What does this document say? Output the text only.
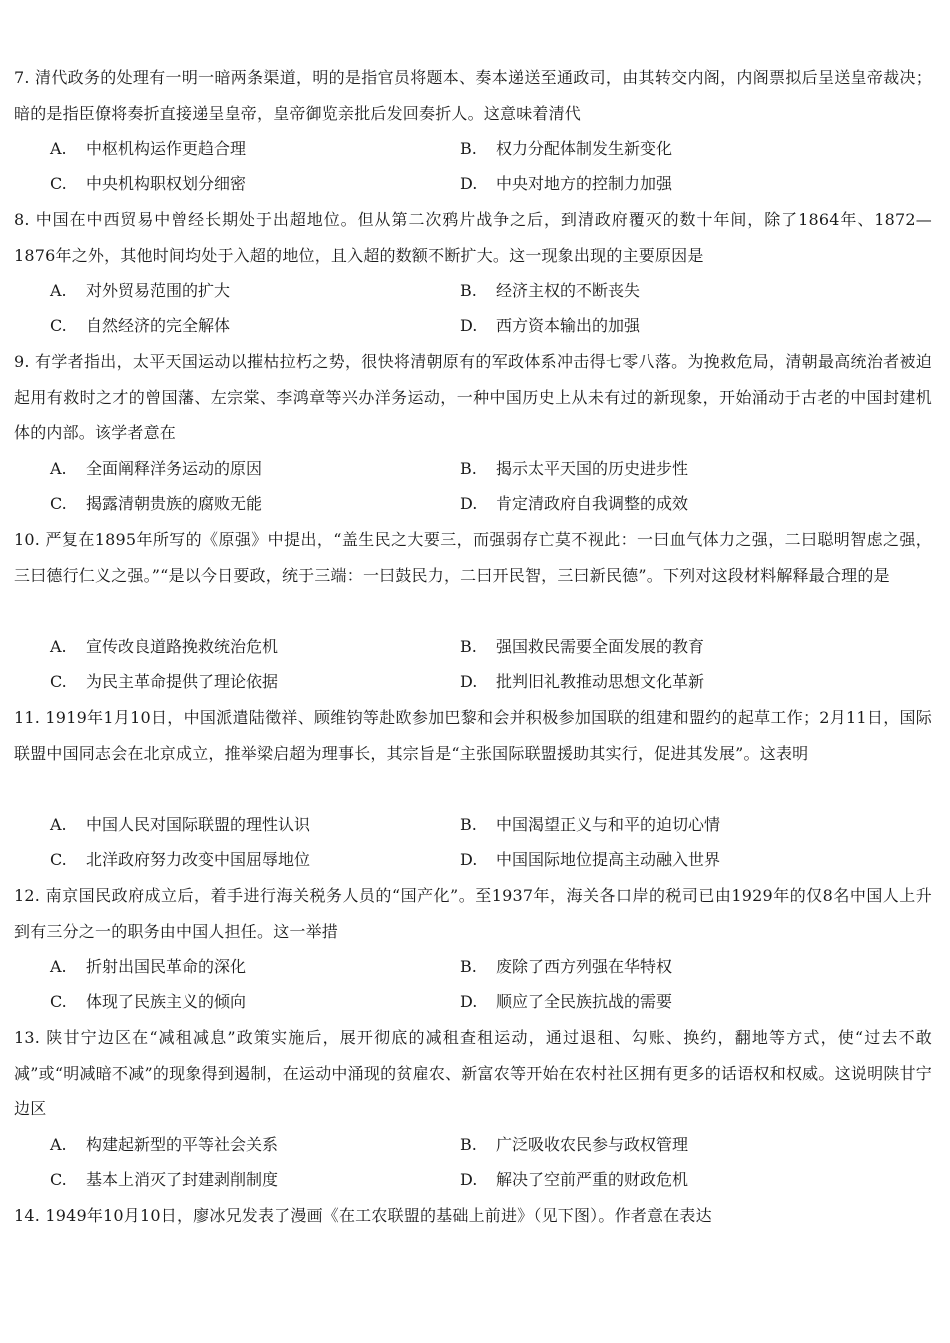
7. 清代政务的处理有一明一暗两条渠道，明的是指官员将题本、奏本递送至通政司，由其转交内阁，内阁票拟后呈送皇帝裁决；暗的是指臣僚将奏折直接递呈皇帝，皇帝御览亲批后发回奏折人。这意味着清代
A. 中枢机构运作更趋合理	B. 权力分配体制发生新变化
C. 中央机构职权划分细密	D. 中央对地方的控制力加强
8. 中国在中西贸易中曾经长期处于出超地位。但从第二次鸦片战争之后，到清政府覆灭的数十年间，除了1864年、1872—1876年之外，其他时间均处于入超的地位，且入超的数额不断扩大。这一现象出现的主要原因是
A. 对外贸易范围的扩大	B. 经济主权的不断丧失
C. 自然经济的完全解体	D. 西方资本输出的加强
9. 有学者指出，太平天国运动以摧枯拉朽之势，很快将清朝原有的军政体系冲击得七零八落。为挽救危局，清朝最高统治者被迫起用有救时之才的曾国藩、左宗棠、李鸿章等兴办洋务运动，一种中国历史上从未有过的新现象，开始涌动于古老的中国封建机体的内部。该学者意在
A. 全面阐释洋务运动的原因	B. 揭示太平天国的历史进步性
C. 揭露清朝贵族的腐败无能	D. 肯定清政府自我调整的成效
10. 严复在1895年所写的《原强》中提出，“盖生民之大要三，而强弱存亡莫不视此：一曰血气体力之强，二曰聪明智虑之强，三曰德行仁义之强。”“是以今日要政，统于三端：一曰鼓民力，二曰开民智，三曰新民德”。下列对这段材料解释最合理的是
A. 宣传改良道路挽救统治危机	B. 强国救民需要全面发展的教育
C. 为民主革命提供了理论依据	D. 批判旧礼教推动思想文化革新
11. 1919年1月10日，中国派遣陆徵祥、顾维钧等赴欧参加巴黎和会并积极参加国联的组建和盟约的起草工作；2月11日，国际联盟中国同志会在北京成立，推举梁启超为理事长，其宗旨是“主张国际联盟援助其实行，促进其发展”。这表明
A. 中国人民对国际联盟的理性认识	B. 中国渴望正义与和平的迫切心情
C. 北洋政府努力改变中国屈辱地位	D. 中国国际地位提高主动融入世界
12. 南京国民政府成立后，着手进行海关税务人员的“国产化”。至1937年，海关各口岸的税司已由1929年的仅8名中国人上升到有三分之一的职务由中国人担任。这一举措
A. 折射出国民革命的深化	B. 废除了西方列强在华特权
C. 体现了民族主义的倾向	D. 顺应了全民族抗战的需要
13. 陕甘宁边区在“减租减息”政策实施后，展开彻底的减租查租运动，通过退租、勾账、换约，翻地等方式，使“过去不敢减”或“明减暗不减”的现象得到遏制，在运动中涌现的贫雇农、新富农等开始在农村社区拥有更多的话语权和权威。这说明陕甘宁边区
A. 构建起新型的平等社会关系	B. 广泛吸收农民参与政权管理
C. 基本上消灭了封建剥削制度	D. 解决了空前严重的财政危机
14. 1949年10月10日，廖冰兄发表了漫画《在工农联盟的基础上前进》（见下图）。作者意在表达
